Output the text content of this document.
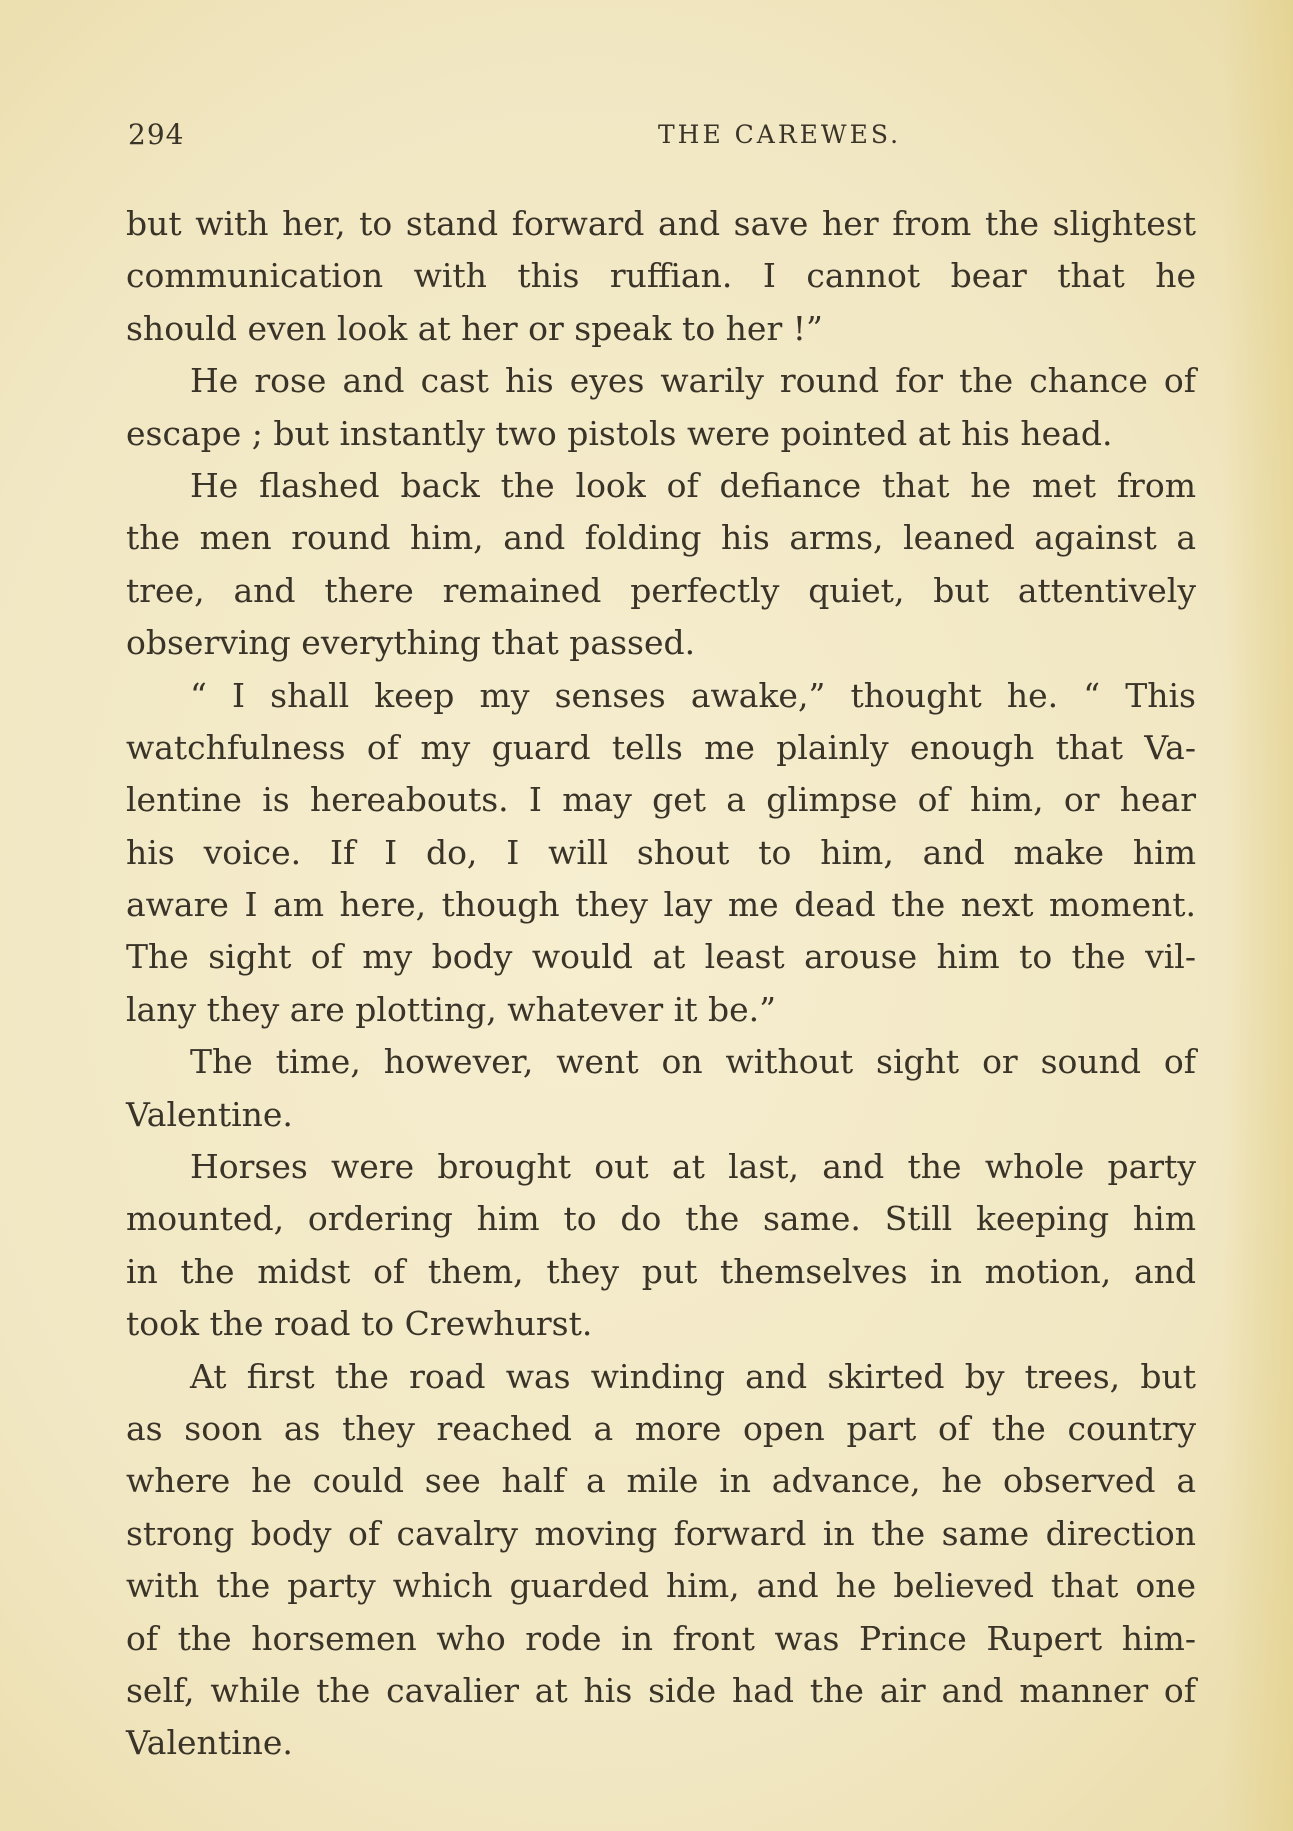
294	THE CAREWES.
but with her, to stand forward and save her from the slightest
communication with this ruffian. I cannot bear that he
should even look at her or speak to her !”
He rose and cast his eyes warily round for the chance of
escape ; but instantly two pistols were pointed at his head.
He flashed back the look of defiance that he met from
the men round him, and folding his arms, leaned against a
tree, and there remained perfectly quiet, but attentively
observing everything that passed.
“ I shall keep my senses awake,” thought he. “ This
watchfulness of my guard tells me plainly enough that Va-
lentine is hereabouts. I may get a glimpse of him, or hear
his voice. If I do, I will shout to him, and make him
aware I am here, though they lay me dead the next moment.
The sight of my body would at least arouse him to the vil-
lany they are plotting, whatever it be.”
The time, however, went on without sight or sound of
Valentine.
Horses were brought out at last, and the whole party
mounted, ordering him to do the same. Still keeping him
in the midst of them, they put themselves in motion, and
took the road to Crewhurst.
At first the road was winding and skirted by trees, but
as soon as they reached a more open part of the country
where he could see half a mile in advance, he observed a
strong body of cavalry moving forward in the same direction
with the party which guarded him, and he believed that one
of the horsemen who rode in front was Prince Rupert him-
self, while the cavalier at his side had the air and manner of
Valentine.
